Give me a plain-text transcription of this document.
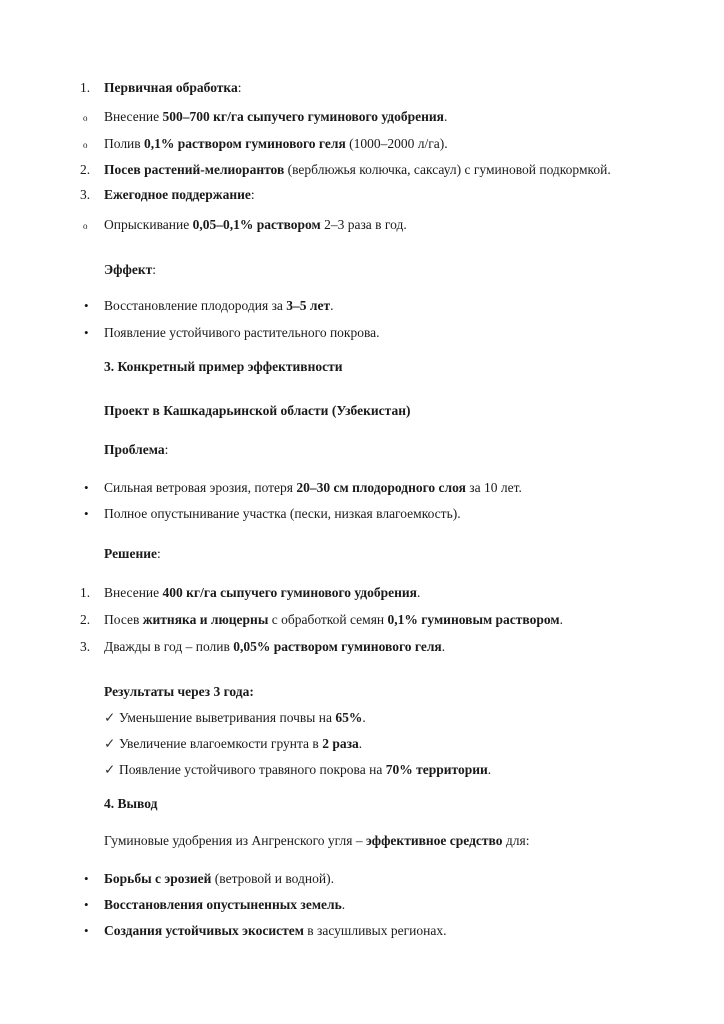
1. Первичная обработка:
o Внесение 500–700 кг/га сыпучего гуминового удобрения.
o Полив 0,1% раствором гуминового геля (1000–2000 л/га).
2. Посев растений-мелиорантов (верблюжья колючка, саксаул) с гуминовой подкормкой.
3. Ежегодное поддержание:
o Опрыскивание 0,05–0,1% раствором 2–3 раза в год.
Эффект:
• Восстановление плодородия за 3–5 лет.
• Появление устойчивого растительного покрова.
3. Конкретный пример эффективности
Проект в Кашкадарьинской области (Узбекистан)
Проблема:
• Сильная ветровая эрозия, потеря 20–30 см плодородного слоя за 10 лет.
• Полное опустынивание участка (пески, низкая влагоемкость).
Решение:
1. Внесение 400 кг/га сыпучего гуминового удобрения.
2. Посев житняка и люцерны с обработкой семян 0,1% гуминовым раствором.
3. Дважды в год – полив 0,05% раствором гуминового геля.
Результаты через 3 года:
✓ Уменьшение выветривания почвы на 65%.
✓ Увеличение влагоемкости грунта в 2 раза.
✓ Появление устойчивого травяного покрова на 70% территории.
4. Вывод
Гуминовые удобрения из Ангренского угля – эффективное средство для:
• Борьбы с эрозией (ветровой и водной).
• Восстановления опустыненных земель.
• Создания устойчивых экосистем в засушливых регионах.
